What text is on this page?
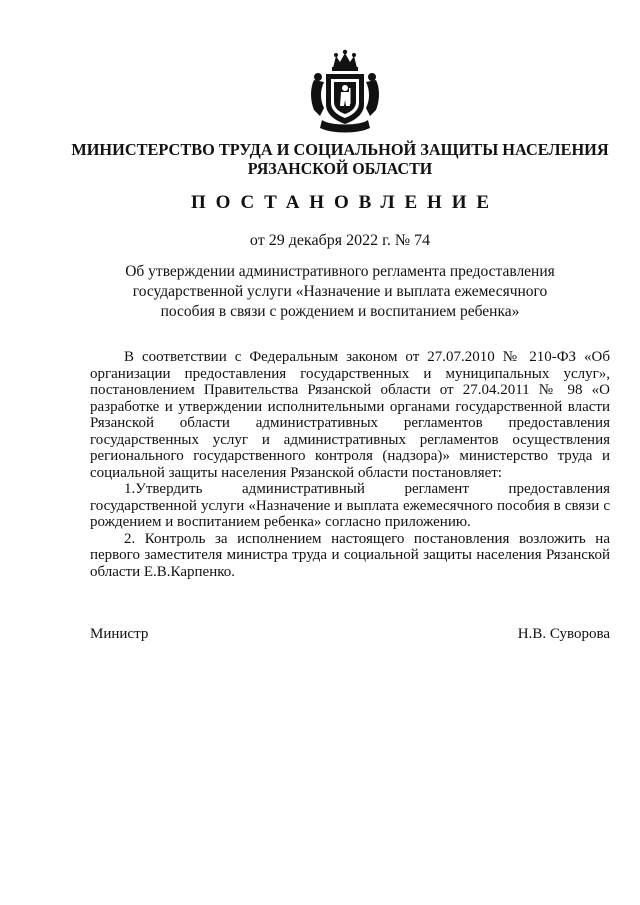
МИНИСТЕРСТВО ТРУДА И СОЦИАЛЬНОЙ ЗАЩИТЫ НАСЕЛЕНИЯ
РЯЗАНСКОЙ ОБЛАСТИ
ПОСТАНОВЛЕНИЕ
от 29 декабря 2022 г. № 74
Об утверждении административного регламента предоставления
государственной услуги «Назначение и выплата ежемесячного
пособия в связи с рождением и воспитанием ребенка»

В соответствии с Федеральным законом от 27.07.2010 № 210-ФЗ «Об организации предоставления государственных и муниципальных услуг», постановлением Правительства Рязанской области от 27.04.2011 № 98 «О разработке и утверждении исполнительными органами государственной власти Рязанской области административных регламентов предоставления государственных услуг и административных регламентов осуществления регионального государственного контроля (надзора)» министерство труда и социальной защиты населения Рязанской области постановляет:

1.Утвердить административный регламент предоставления государственной услуги «Назначение и выплата ежемесячного пособия в связи с рождением и воспитанием ребенка» согласно приложению.

2. Контроль за исполнением настоящего постановления возложить на первого заместителя министра труда и социальной защиты населения Рязанской области Е.В.Карпенко.

Министр	Н.В. Суворова
